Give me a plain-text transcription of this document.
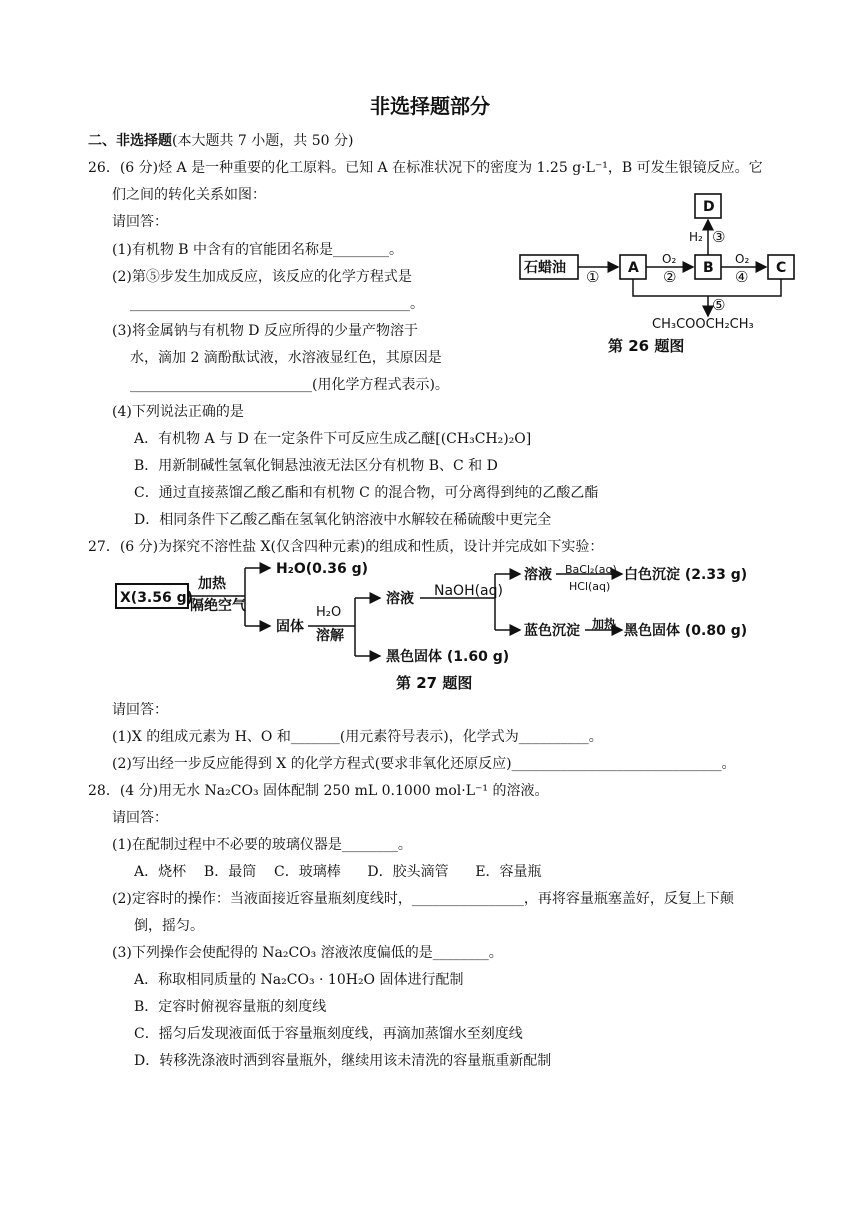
非选择题部分
二、非选择题(本大题共 7 小题，共 50 分)
26．(6 分)烃 A 是一种重要的化工原料。已知 A 在标准状况下的密度为 1.25 g·L⁻¹，B 可发生银镜反应。它
们之间的转化关系如图：
请回答：
(1)有机物 B 中含有的官能团名称是________。
(2)第⑤步发生加成反应，该反应的化学方程式是
________________________________________。
(3)将金属钠与有机物 D 反应所得的少量产物溶于
水，滴加 2 滴酚酞试液，水溶液显红色，其原因是
__________________________(用化学方程式表示)。
(4)下列说法正确的是
A．有机物 A 与 D 在一定条件下可反应生成乙醚[(CH₃CH₂)₂O]
B．用新制碱性氢氧化铜悬浊液无法区分有机物 B、C 和 D
C．通过直接蒸馏乙酸乙酯和有机物 C 的混合物，可分离得到纯的乙酸乙酯
D．相同条件下乙酸乙酯在氢氧化钠溶液中水解较在稀硫酸中更完全
石蜡油	A	B	C
D
①
O₂
②
O₂
④
H₂ ③
⑤
CH₃COOCH₂CH₃
第 26 题图
27．(6 分)为探究不溶性盐 X(仅含四种元素)的组成和性质，设计并完成如下实验：
X(3.56 g)
加热
隔绝空气
H₂O(0.36 g)
固体
H₂O
溶解
溶液 NaOH(aq)
溶液 BaCl₂(aq)
HCl(aq)
白色沉淀 (2.33 g)
蓝色沉淀 加热 黑色固体 (0.80 g)
黑色固体 (1.60 g)
第 27 题图
请回答：
(1)X 的组成元素为 H、O 和_______(用元素符号表示)，化学式为__________。
(2)写出经一步反应能得到 X 的化学方程式(要求非氧化还原反应)______________________________。
28．(4 分)用无水 Na₂CO₃ 固体配制 250 mL 0.1000 mol·L⁻¹ 的溶液。
请回答：
(1)在配制过程中不必要的玻璃仪器是________。
A．烧杯    B．最筒    C．玻璃棒      D．胶头滴管      E．容量瓶
(2)定容时的操作：当液面接近容量瓶刻度线时，________________，再将容量瓶塞盖好，反复上下颠
倒，摇匀。
(3)下列操作会使配得的 Na₂CO₃ 溶液浓度偏低的是________。
A．称取相同质量的 Na₂CO₃ · 10H₂O 固体进行配制
B．定容时俯视容量瓶的刻度线
C．摇匀后发现液面低于容量瓶刻度线，再滴加蒸馏水至刻度线
D．转移洗涤液时洒到容量瓶外，继续用该未清洗的容量瓶重新配制
